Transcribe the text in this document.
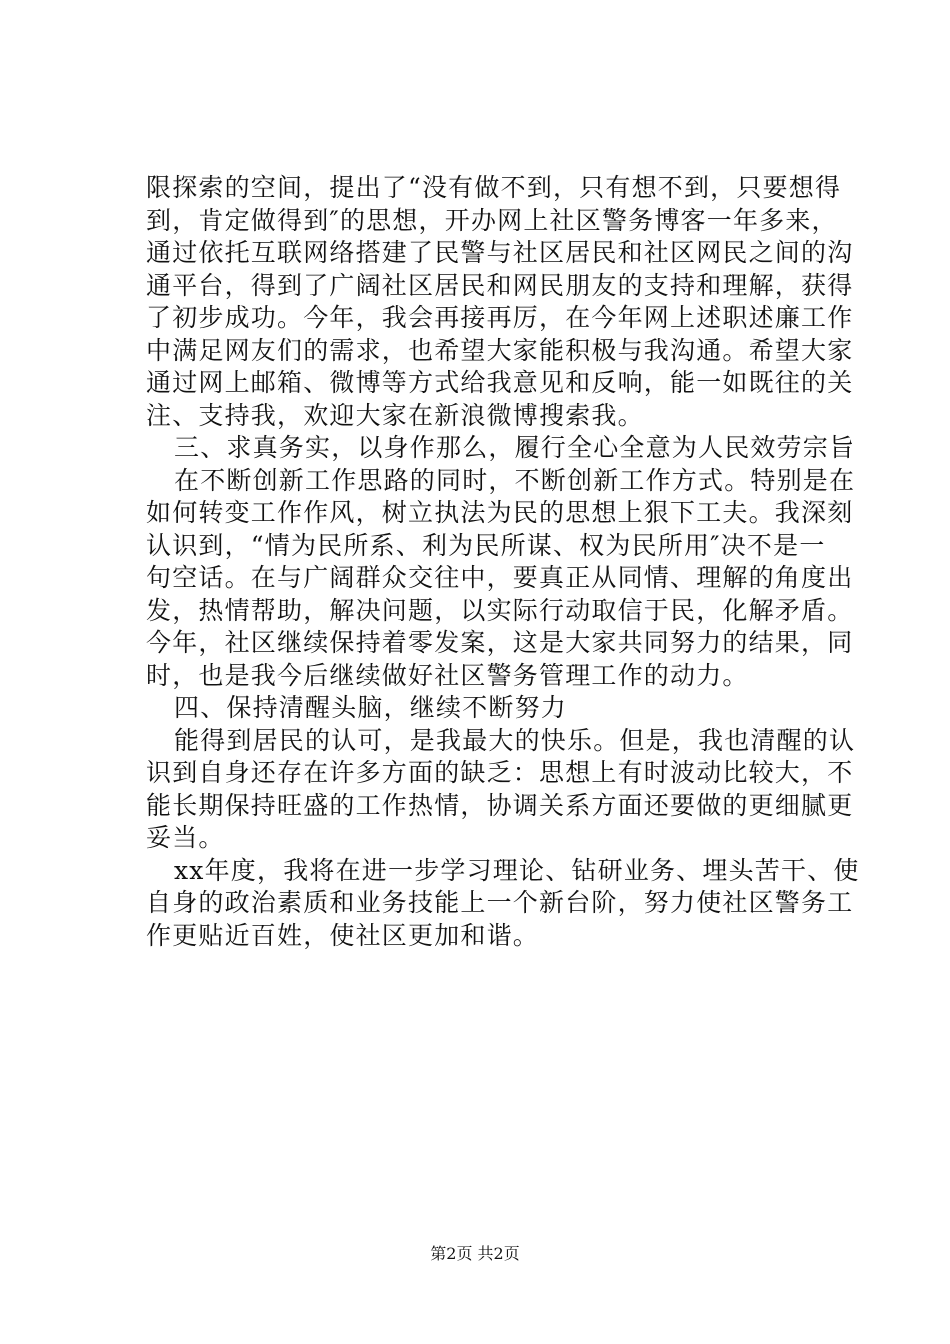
限探索的空间，提出了“没有做不到，只有想不到，只要想得
到，肯定做得到″的思想，开办网上社区警务博客一年多来，
通过依托互联网络搭建了民警与社区居民和社区网民之间的沟
通平台，得到了广阔社区居民和网民朋友的支持和理解，获得
了初步成功。今年，我会再接再厉，在今年网上述职述廉工作
中满足网友们的需求，也希望大家能积极与我沟通。希望大家
通过网上邮箱、微博等方式给我意见和反响，能一如既往的关
注、支持我，欢迎大家在新浪微博搜索我。
三、求真务实，以身作那么，履行全心全意为人民效劳宗旨
在不断创新工作思路的同时，不断创新工作方式。特别是在
如何转变工作作风，树立执法为民的思想上狠下工夫。我深刻
认识到，“情为民所系、利为民所谋、权为民所用″决不是一
句空话。在与广阔群众交往中，要真正从同情、理解的角度出
发，热情帮助，解决问题，以实际行动取信于民，化解矛盾。
今年，社区继续保持着零发案，这是大家共同努力的结果，同
时，也是我今后继续做好社区警务管理工作的动力。
四、保持清醒头脑，继续不断努力
能得到居民的认可，是我最大的快乐。但是，我也清醒的认
识到自身还存在许多方面的缺乏：思想上有时波动比较大，不
能长期保持旺盛的工作热情，协调关系方面还要做的更细腻更
妥当。
xx年度，我将在进一步学习理论、钻研业务、埋头苦干、使
自身的政治素质和业务技能上一个新台阶，努力使社区警务工
作更贴近百姓，使社区更加和谐。
第2页 共2页
